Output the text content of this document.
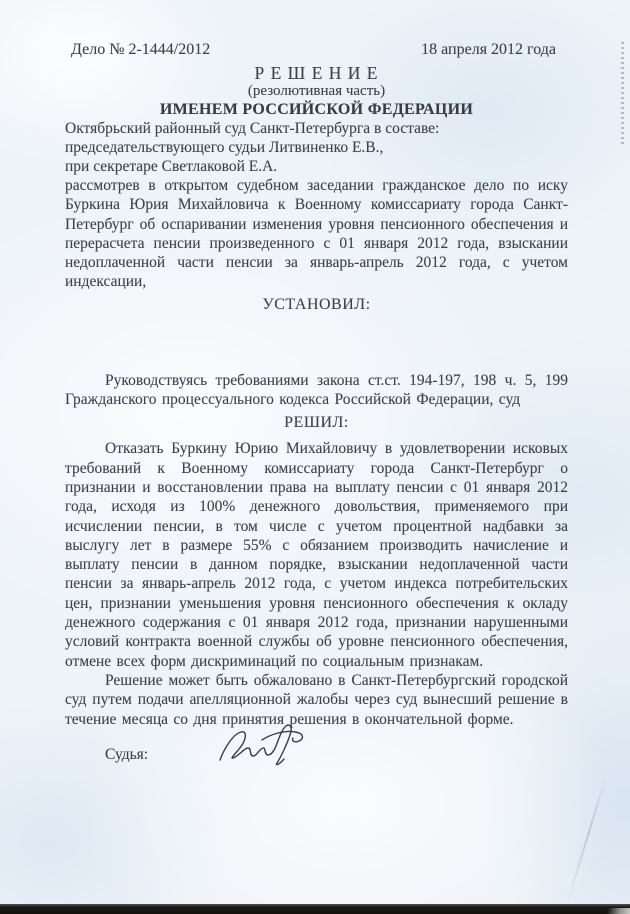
Дело № 2-1444/2012	18 апреля 2012 года
Р Е Ш Е Н И Е
(резолютивная часть)
ИМЕНЕМ РОССИЙСКОЙ ФЕДЕРАЦИИ
Октябрьский районный суд Санкт-Петербурга в составе:
председательствующего судьи Литвиненко Е.В.,
при секретаре Светлаковой Е.А.

рассмотрев в открытом судебном заседании гражданское дело по иску Буркина Юрия Михайловича к Военному комиссариату города Санкт-Петербург об оспаривании изменения уровня пенсионного обеспечения и перерасчета пенсии произведенного с 01 января 2012 года, взыскании недоплаченной части пенсии за январь-апрель 2012 года, с учетом индексации,

УСТАНОВИЛ:

Руководствуясь требованиями закона ст.ст. 194-197, 198 ч. 5, 199 Гражданского процессуального кодекса Российской Федерации, суд

РЕШИЛ:

Отказать Буркину Юрию Михайловичу в удовлетворении исковых требований к Военному комиссариату города Санкт-Петербург о признании и восстановлении права на выплату пенсии с 01 января 2012 года, исходя из 100% денежного довольствия, применяемого при исчислении пенсии, в том числе с учетом процентной надбавки за выслугу лет в размере 55% с обязанием производить начисление и выплату пенсии в данном порядке, взыскании недоплаченной части пенсии за январь-апрель 2012 года, с учетом индекса потребительских цен, признании уменьшения уровня пенсионного обеспечения к окладу денежного содержания с 01 января 2012 года, признании нарушенными условий контракта военной службы об уровне пенсионного обеспечения, отмене всех форм дискриминаций по социальным признакам.

Решение может быть обжаловано в Санкт-Петербургский городской суд путем подачи апелляционной жалобы через суд вынесший решение в течение месяца со дня принятия решения в окончательной форме.

Судья:
